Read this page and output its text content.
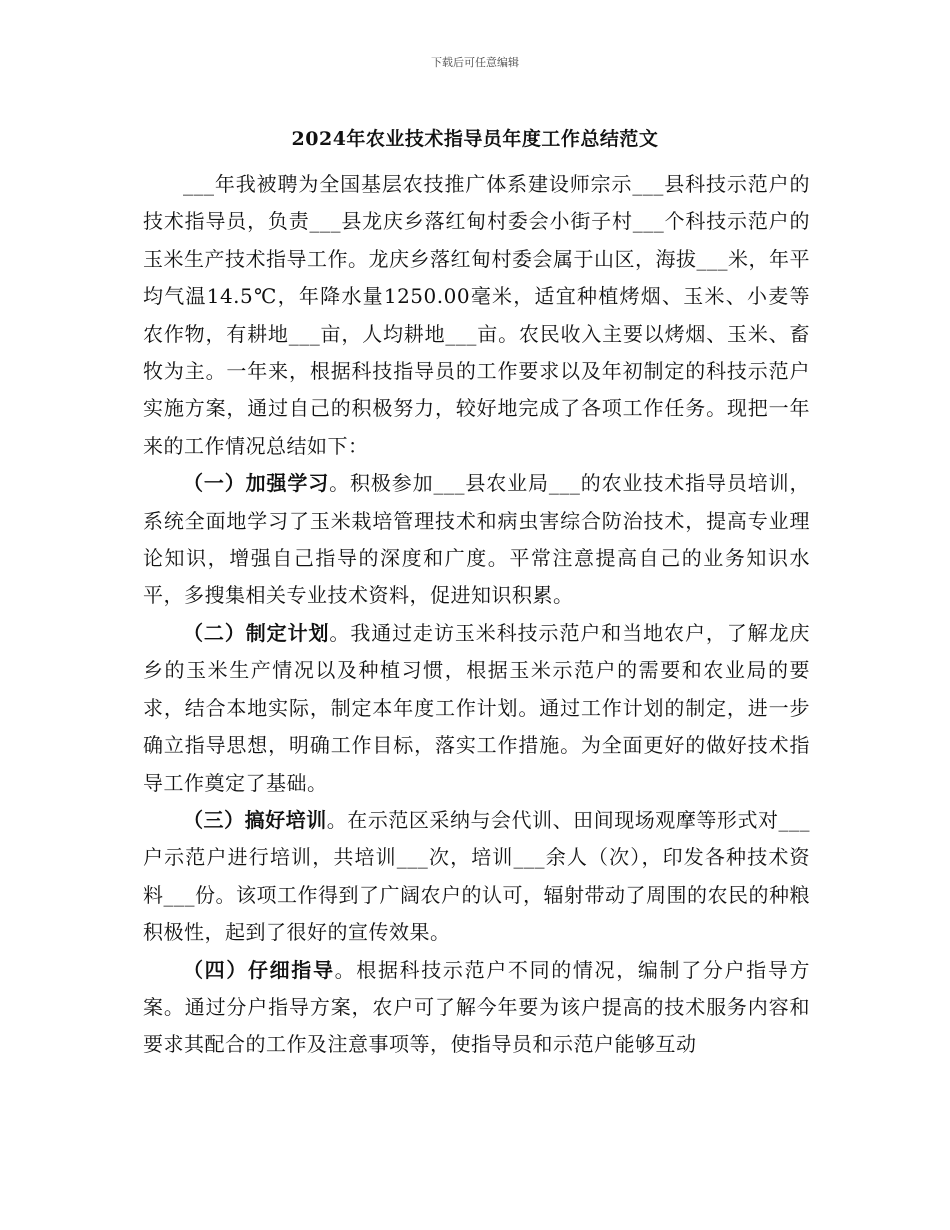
下载后可任意编辑
2024年农业技术指导员年度工作总结范文

___年我被聘为全国基层农技推广体系建设师宗示___县科技示范户的技术指导员，负责___县龙庆乡落红甸村委会小街子村___个科技示范户的玉米生产技术指导工作。龙庆乡落红甸村委会属于山区，海拔___米，年平均气温14.5℃，年降水量1250.00毫米，适宜种植烤烟、玉米、小麦等农作物，有耕地___亩，人均耕地___亩。农民收入主要以烤烟、玉米、畜牧为主。一年来，根据科技指导员的工作要求以及年初制定的科技示范户实施方案，通过自己的积极努力，较好地完成了各项工作任务。现把一年来的工作情况总结如下：

（一）加强学习。积极参加___县农业局___的农业技术指导员培训，系统全面地学习了玉米栽培管理技术和病虫害综合防治技术，提高专业理论知识，增强自己指导的深度和广度。平常注意提高自己的业务知识水平，多搜集相关专业技术资料，促进知识积累。

（二）制定计划。我通过走访玉米科技示范户和当地农户，了解龙庆乡的玉米生产情况以及种植习惯，根据玉米示范户的需要和农业局的要求，结合本地实际，制定本年度工作计划。通过工作计划的制定，进一步确立指导思想，明确工作目标，落实工作措施。为全面更好的做好技术指导工作奠定了基础。

（三）搞好培训。在示范区采纳与会代训、田间现场观摩等形式对___户示范户进行培训，共培训___次，培训___余人（次），印发各种技术资料___份。该项工作得到了广阔农户的认可，辐射带动了周围的农民的种粮积极性，起到了很好的宣传效果。

（四）仔细指导。根据科技示范户不同的情况，编制了分户指导方案。通过分户指导方案，农户可了解今年要为该户提高的技术服务内容和要求其配合的工作及注意事项等，使指导员和示范户能够互动
